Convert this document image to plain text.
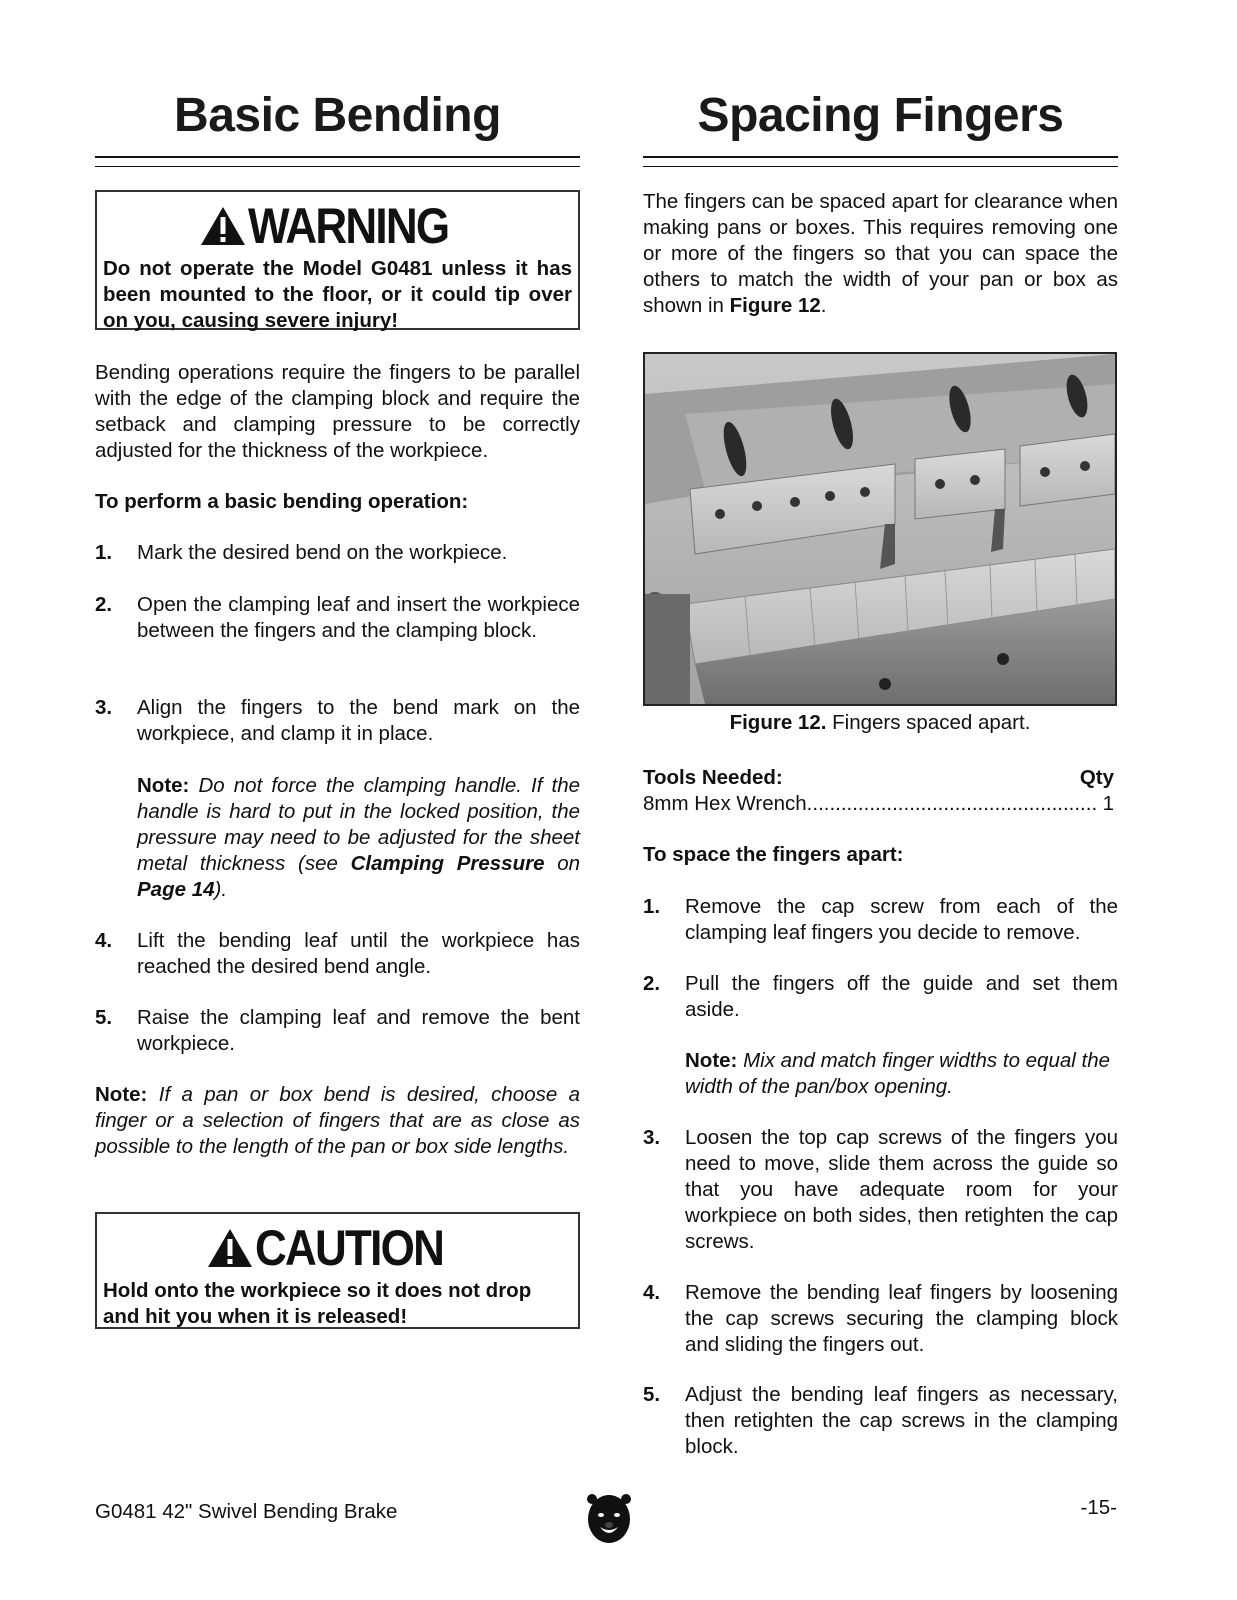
Basic Bending
WARNING
Do not operate the Model G0481 unless it has been mounted to the floor, or it could tip over on you, causing severe injury!

Bending operations require the fingers to be parallel with the edge of the clamping block and require the setback and clamping pressure to be correctly adjusted for the thickness of the workpiece.

To perform a basic bending operation:

1.	Mark the desired bend on the workpiece.
2.	Open the clamping leaf and insert the workpiece between the fingers and the clamping block.
3.	Align the fingers to the bend mark on the workpiece, and clamp it in place.

Note: Do not force the clamping handle. If the handle is hard to put in the locked position, the pressure may need to be adjusted for the sheet metal thickness (see Clamping Pressure on Page 14).

4.	Lift the bending leaf until the workpiece has reached the desired bend angle.
5.	Raise the clamping leaf and remove the bent workpiece.

Note: If a pan or box bend is desired, choose a finger or a selection of fingers that are as close as possible to the length of the pan or box side lengths.

CAUTION
Hold onto the workpiece so it does not drop and hit you when it is released!
Spacing Fingers

The fingers can be spaced apart for clearance when making pans or boxes. This requires removing one or more of the fingers so that you can space the others to match the width of your pan or box as shown in Figure 12.

Figure 12. Fingers spaced apart.
Tools Needed:	Qty
8mm Hex Wrench
.....	1

To space the fingers apart:

1.	Remove the cap screw from each of the clamping leaf fingers you decide to remove.
2.	Pull the fingers off the guide and set them aside.

Note: Mix and match finger widths to equal the width of the pan/box opening.

3.	Loosen the top cap screws of the fingers you need to move, slide them across the guide so that you have adequate room for your workpiece on both sides, then retighten the cap screws.
4.	Remove the bending leaf fingers by loosening the cap screws securing the clamping block and sliding the fingers out.
5.	Adjust the bending leaf fingers as necessary, then retighten the cap screws in the clamping block.
G0481 42" Swivel Bending Brake	-15-
